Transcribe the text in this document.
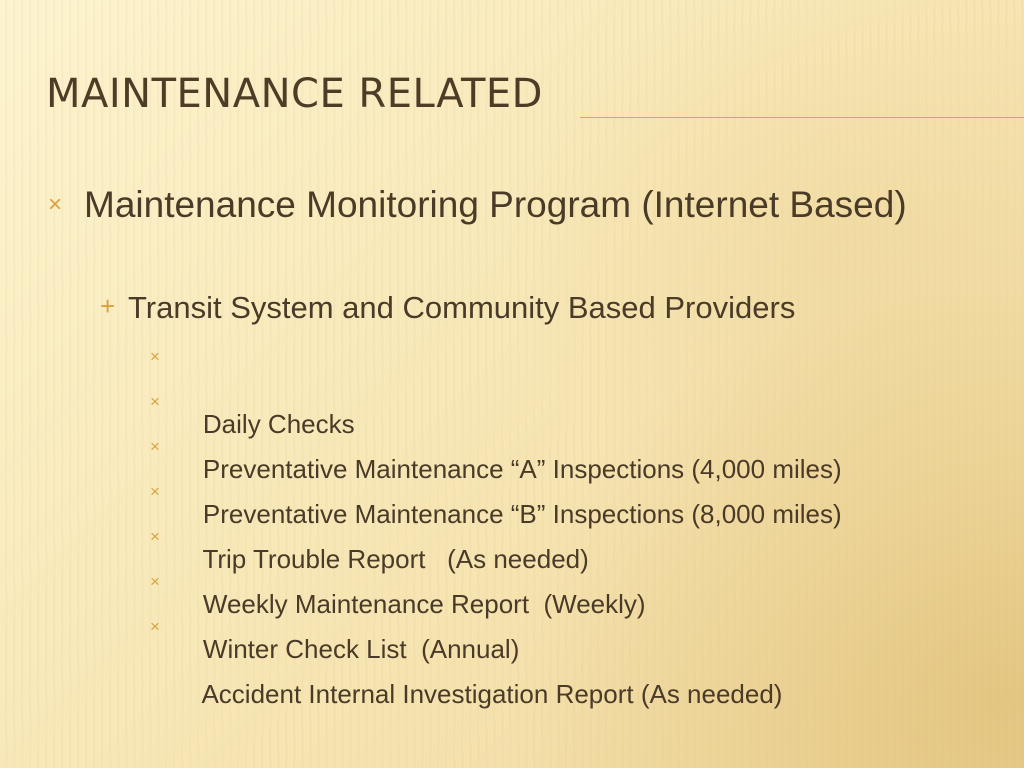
MAINTENANCE RELATED
× Maintenance Monitoring Program (Internet Based)
+ Transit System and Community Based Providers

×

Daily Checks

×

Preventative Maintenance “A” Inspections (4,000 miles)

×

Preventative Maintenance “B” Inspections (8,000 miles)

×

Trip Trouble Report   (As needed)

×

Weekly Maintenance Report  (Weekly)

×

Winter Check List  (Annual)

×

Accident Internal Investigation Report (As needed)
